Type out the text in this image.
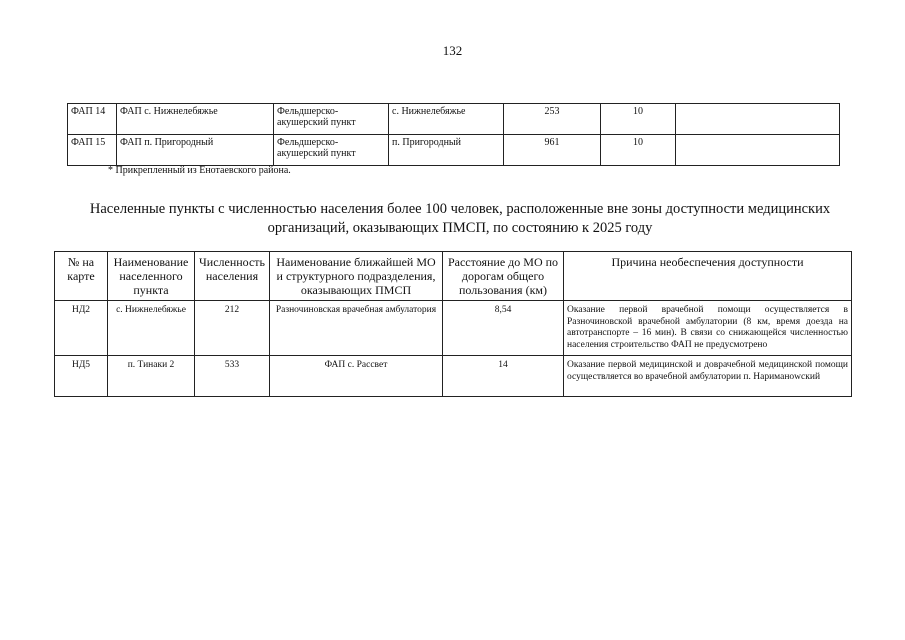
132
ФАП 14	ФАП с. Нижнелебяжье	Фельдшерско-акушерский пункт	с. Нижнелебяжье	253	10	
ФАП 15	ФАП п. Пригородный	Фельдшерско-акушерский пункт	п. Пригородный	961	10	
* Прикрепленный из Енотаевского района.
Населенные пункты с численностью населения более 100 человек, расположенные вне зоны доступности медицинских организаций, оказывающих ПМСП, по состоянию к 2025 году
№ на карте	Наименование населенного пункта	Численность населения	Наименование ближайшей МО и структурного подразделения, оказывающих ПМСП	Расстояние до МО по дорогам общего пользования (км)	Причина необеспечения доступности
НД2	с. Нижнелебяжье	212	Разночиновская врачебная амбулатория	8,54	Оказание первой врачебной помощи осуществляется в Разночиновской врачебной амбулатории (8 км, время доезда на автотранспорте – 16 мин). В связи со снижающейся численностью населения строительство ФАП не предусмотрено
НД5	п. Тинаки 2	533	ФАП с. Рассвет	14	Оказание первой медицинской и доврачебной медицинской помощи осуществляется во врачебной амбулатории п. Нариманоwский
